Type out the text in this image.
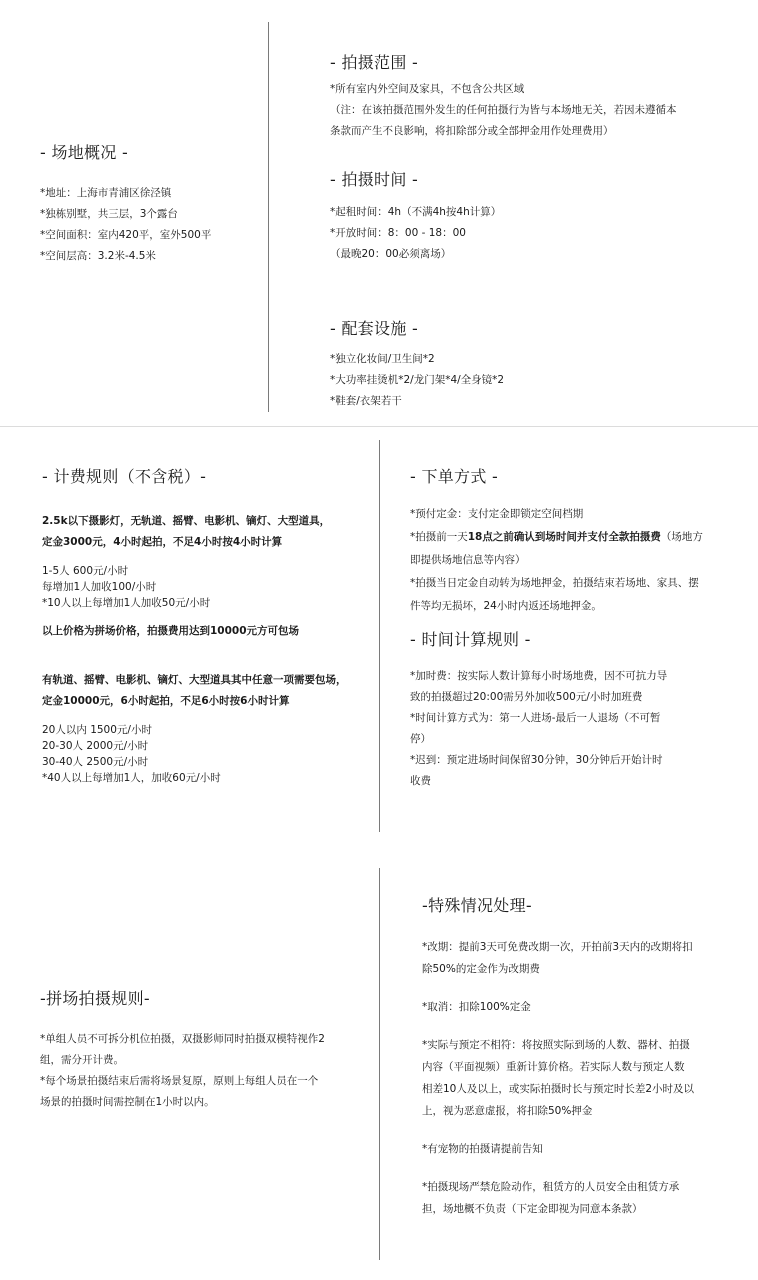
- 场地概况 -
*地址：上海市青浦区徐泾镇
*独栋别墅，共三层，3个露台
*空间面积：室内420平，室外500平
*空间层高：3.2米-4.5米
- 拍摄范围 -
*所有室内外空间及家具，不包含公共区域
（注：在该拍摄范围外发生的任何拍摄行为皆与本场地无关，若因未遵循本
条款而产生不良影响，将扣除部分或全部押金用作处理费用）
- 拍摄时间 -
*起租时间：4h（不满4h按4h计算）
*开放时间：8：00 - 18：00
（最晚20：00必须离场）
- 配套设施 -
*独立化妆间/卫生间*2
*大功率挂烫机*2/龙门架*4/全身镜*2
*鞋套/衣架若干
- 计费规则（不含税）-
2.5k以下摄影灯，无轨道、摇臂、电影机、镝灯、大型道具，
定金3000元，4小时起拍，不足4小时按4小时计算
1-5人 600元/小时
每增加1人加收100/小时
*10人以上每增加1人加收50元/小时
以上价格为拼场价格，拍摄费用达到10000元方可包场
有轨道、摇臂、电影机、镝灯、大型道具其中任意一项需要包场，
定金10000元，6小时起拍，不足6小时按6小时计算
20人以内 1500元/小时
20-30人 2000元/小时
30-40人 2500元/小时
*40人以上每增加1人，加收60元/小时
- 下单方式 -
*预付定金：支付定金即锁定空间档期
*拍摄前一天18点之前确认到场时间并支付全款拍摄费（场地方
即提供场地信息等内容）
*拍摄当日定金自动转为场地押金，拍摄结束若场地、家具、摆
件等均无损坏，24小时内返还场地押金。
- 时间计算规则 -
*加时费：按实际人数计算每小时场地费，因不可抗力导
致的拍摄超过20:00需另外加收500元/小时加班费
*时间计算方式为：第一人进场-最后一人退场（不可暂
停）
*迟到：预定进场时间保留30分钟，30分钟后开始计时
收费
-拼场拍摄规则-
*单组人员不可拆分机位拍摄，双摄影师同时拍摄双模特视作2
组，需分开计费。
*每个场景拍摄结束后需将场景复原，原则上每组人员在一个
场景的拍摄时间需控制在1小时以内。
-特殊情况处理-
*改期：提前3天可免费改期一次，开拍前3天内的改期将扣
除50%的定金作为改期费
*取消：扣除100%定金
*实际与预定不相符：将按照实际到场的人数、器材、拍摄
内容（平面视频）重新计算价格。若实际人数与预定人数
相差10人及以上，或实际拍摄时长与预定时长差2小时及以
上，视为恶意虚报，将扣除50%押金
*有宠物的拍摄请提前告知
*拍摄现场严禁危险动作，租赁方的人员安全由租赁方承
担，场地概不负责（下定金即视为同意本条款）
